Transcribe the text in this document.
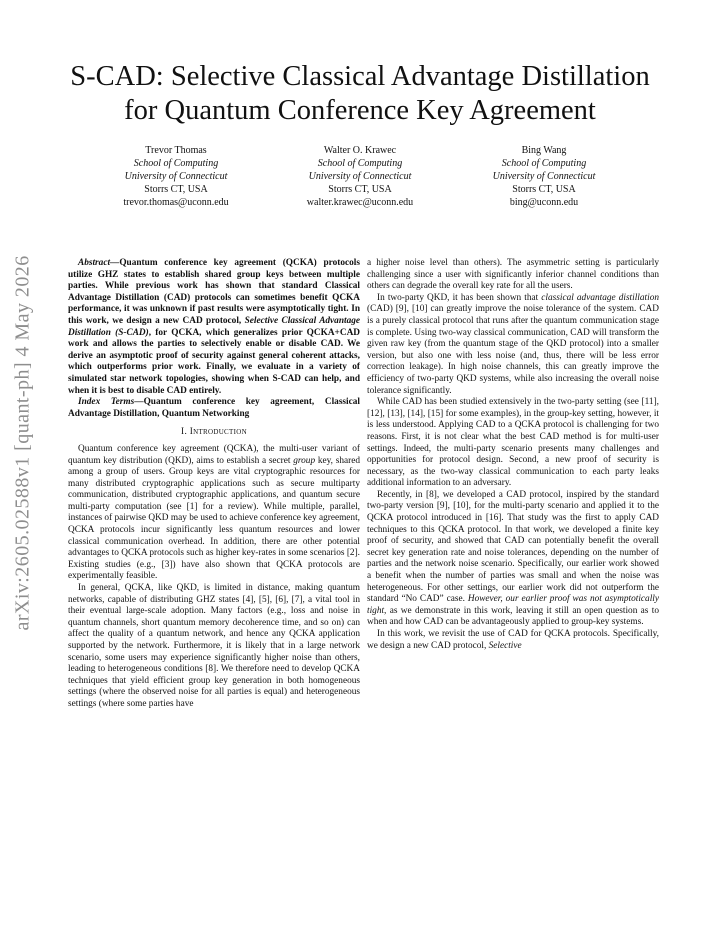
S-CAD: Selective Classical Advantage Distillation
for Quantum Conference Key Agreement
Trevor Thomas
School of Computing
University of Connecticut
Storrs CT, USA
trevor.thomas@uconn.edu
Walter O. Krawec
School of Computing
University of Connecticut
Storrs CT, USA
walter.krawec@uconn.edu
Bing Wang
School of Computing
University of Connecticut
Storrs CT, USA
bing@uconn.edu
arXiv:2605.02588v1 [quant-ph] 4 May 2026	Abstract—Quantum conference key agreement (QCKA) protocols utilize GHZ states to establish shared group keys between multiple parties. While previous work has shown that standard Classical Advantage Distillation (CAD) protocols can sometimes benefit QCKA performance, it was unknown if past results were asymptotically tight. In this work, we design a new CAD protocol, Selective Classical Advantage Distillation (S-CAD), for QCKA, which generalizes prior QCKA+CAD work and allows the parties to selectively enable or disable CAD. We derive an asymptotic proof of security against general coherent attacks, which outperforms prior work. Finally, we evaluate in a variety of simulated star network topologies, showing when S-CAD can help, and when it is best to disable CAD entirely.

Index Terms—Quantum conference key agreement, Classical Advantage Distillation, Quantum Networking

I. Introduction

Quantum conference key agreement (QCKA), the multi-user variant of quantum key distribution (QKD), aims to establish a secret group key, shared among a group of users. Group keys are vital cryptographic resources for many distributed cryptographic applications such as secure multiparty communication, distributed cryptographic applications, and quantum secure multi-party computation (see [1] for a review). While multiple, parallel, instances of pairwise QKD may be used to achieve conference key agreement, QCKA protocols incur significantly less quantum resources and lower classical communication overhead. In addition, there are other potential advantages to QCKA protocols such as higher key-rates in some scenarios [2]. Existing studies (e.g., [3]) have also shown that QCKA protocols are experimentally feasible.

In general, QCKA, like QKD, is limited in distance, making quantum networks, capable of distributing GHZ states [4], [5], [6], [7], a vital tool in their eventual large-scale adoption. Many factors (e.g., loss and noise in quantum channels, short quantum memory decoherence time, and so on) can affect the quality of a quantum network, and hence any QCKA application supported by the network. Furthermore, it is likely that in a large network scenario, some users may experience significantly higher noise than others, leading to heterogeneous conditions [8]. We therefore need to develop QCKA techniques that yield efficient group key generation in both homogeneous settings (where the observed noise for all parties is equal) and heterogeneous settings (where some parties have

a higher noise level than others). The asymmetric setting is particularly challenging since a user with significantly inferior channel conditions than others can degrade the overall key rate for all the users.

In two-party QKD, it has been shown that classical advantage distillation (CAD) [9], [10] can greatly improve the noise tolerance of the system. CAD is a purely classical protocol that runs after the quantum communication stage is complete. Using two-way classical communication, CAD will transform the given raw key (from the quantum stage of the QKD protocol) into a smaller version, but also one with less noise (and, thus, there will be less error correction leakage). In high noise channels, this can greatly improve the efficiency of two-party QKD systems, while also increasing the overall noise tolerance significantly.

While CAD has been studied extensively in the two-party setting (see [11], [12], [13], [14], [15] for some examples), in the group-key setting, however, it is less understood. Applying CAD to a QCKA protocol is challenging for two reasons. First, it is not clear what the best CAD method is for multi-user settings. Indeed, the multi-party scenario presents many challenges and opportunities for protocol design. Second, a new proof of security is necessary, as the two-way classical communication to each party leaks additional information to an adversary.

Recently, in [8], we developed a CAD protocol, inspired by the standard two-party version [9], [10], for the multi-party scenario and applied it to the QCKA protocol introduced in [16]. That study was the first to apply CAD techniques to this QCKA protocol. In that work, we developed a finite key proof of security, and showed that CAD can potentially benefit the overall secret key generation rate and noise tolerances, depending on the number of parties and the network noise scenario. Specifically, our earlier work showed a benefit when the number of parties was small and when the noise was heterogeneous. For other settings, our earlier work did not outperform the standard “No CAD” case. However, our earlier proof was not asymptotically tight, as we demonstrate in this work, leaving it still an open question as to when and how CAD can be advantageously applied to group-key systems.

In this work, we revisit the use of CAD for QCKA protocols. Specifically, we design a new CAD protocol, Selective
